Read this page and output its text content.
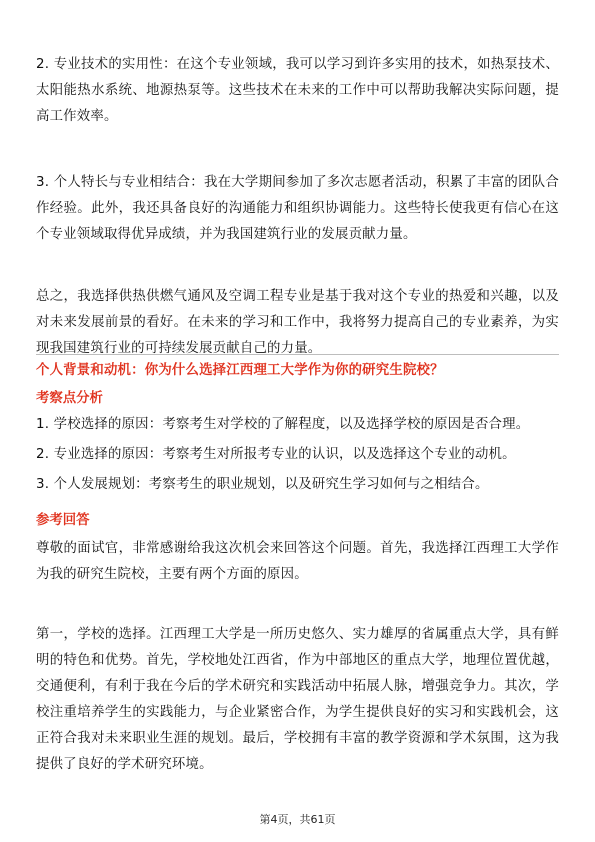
2. 专业技术的实用性：在这个专业领域，我可以学习到许多实用的技术，如热泵技术、太阳能热水系统、地源热泵等。这些技术在未来的工作中可以帮助我解决实际问题，提高工作效率。

3. 个人特长与专业相结合：我在大学期间参加了多次志愿者活动，积累了丰富的团队合作经验。此外，我还具备良好的沟通能力和组织协调能力。这些特长使我更有信心在这个专业领域取得优异成绩，并为我国建筑行业的发展贡献力量。

总之，我选择供热供燃气通风及空调工程专业是基于我对这个专业的热爱和兴趣，以及对未来发展前景的看好。在未来的学习和工作中，我将努力提高自己的专业素养，为实现我国建筑行业的可持续发展贡献自己的力量。

个人背景和动机：你为什么选择江西理工大学作为你的研究生院校？

考察点分析

1. 学校选择的原因：考察考生对学校的了解程度，以及选择学校的原因是否合理。

2. 专业选择的原因：考察考生对所报考专业的认识，以及选择这个专业的动机。

3. 个人发展规划：考察考生的职业规划，以及研究生学习如何与之相结合。

参考回答

尊敬的面试官，非常感谢给我这次机会来回答这个问题。首先，我选择江西理工大学作为我的研究生院校，主要有两个方面的原因。

第一，学校的选择。江西理工大学是一所历史悠久、实力雄厚的省属重点大学，具有鲜明的特色和优势。首先，学校地处江西省，作为中部地区的重点大学，地理位置优越，交通便利，有利于我在今后的学术研究和实践活动中拓展人脉，增强竞争力。其次，学校注重培养学生的实践能力，与企业紧密合作，为学生提供良好的实习和实践机会，这正符合我对未来职业生涯的规划。最后，学校拥有丰富的教学资源和学术氛围，这为我提供了良好的学术研究环境。

第4页，共61页
